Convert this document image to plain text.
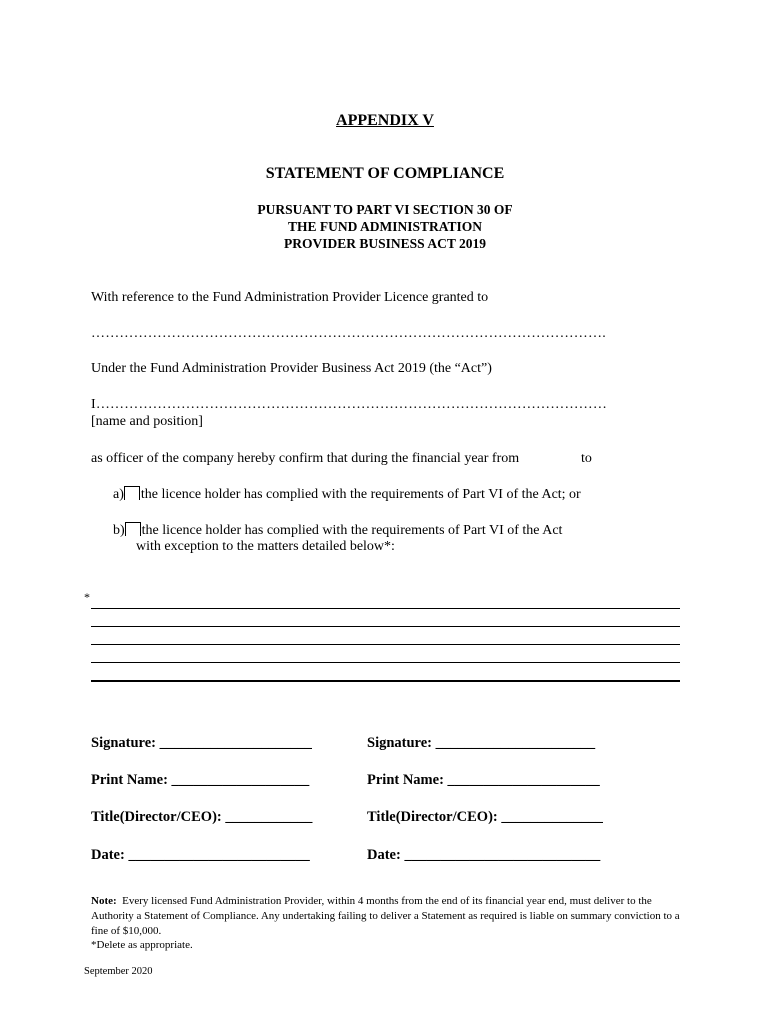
APPENDIX V
STATEMENT OF COMPLIANCE
PURSUANT TO PART VI SECTION 30 OF
THE FUND ADMINISTRATION
PROVIDER BUSINESS ACT 2019
With reference to the Fund Administration Provider Licence granted to
……………………………………………………………………………………………….
Under the Fund Administration Provider Business Act 2019 (the “Act”)
I………………………………………………………………………………………………
[name and position]
as officer of the company hereby confirm that during the financial year from	to
a) the licence holder has complied with the requirements of Part VI of the Act; or
b) the licence holder has complied with the requirements of Part VI of the Act
with exception to the matters detailed below*:
*
Signature: _____________________	Signature: ______________________
Print Name: ___________________	Print Name: _____________________
Title(Director/CEO): ____________	Title(Director/CEO): ______________
Date: _________________________	Date: ___________________________
Note: Every licensed Fund Administration Provider, within 4 months from the end of its financial year end, must deliver to the Authority a Statement of Compliance. Any undertaking failing to deliver a Statement as required is liable on summary conviction to a fine of $10,000.
*Delete as appropriate.
September 2020
